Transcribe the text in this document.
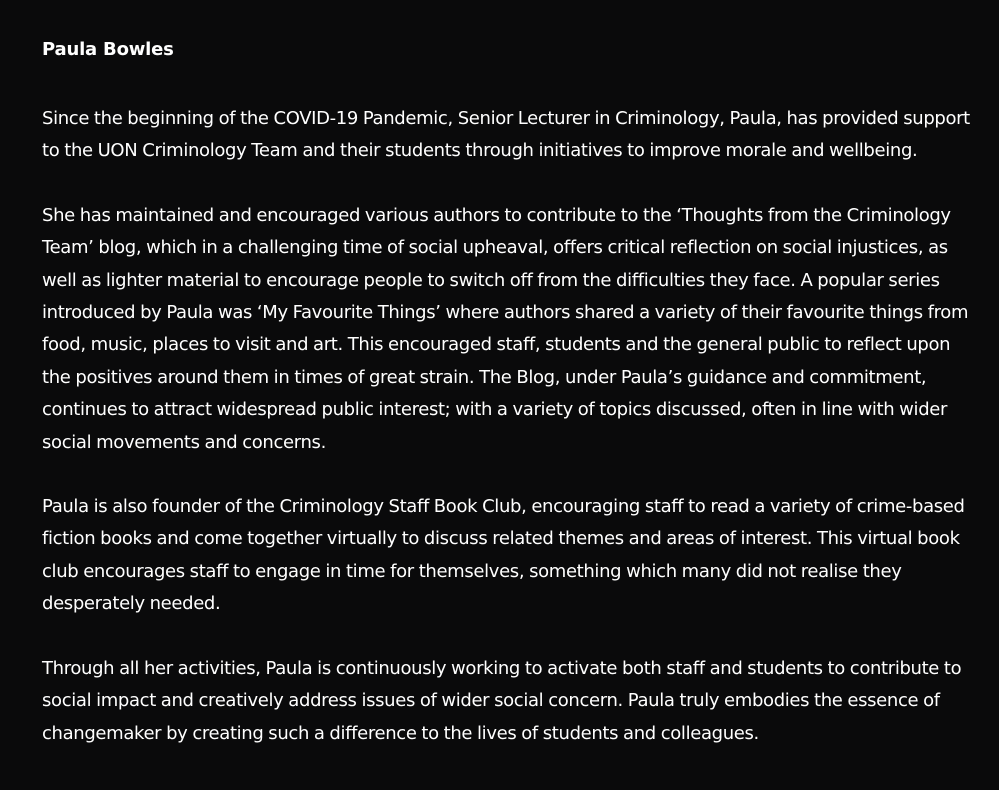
Paula Bowles

Since the beginning of the COVID-19 Pandemic, Senior Lecturer in Criminology, Paula, has provided support to the UON Criminology Team and their students through initiatives to improve morale and wellbeing.

She has maintained and encouraged various authors to contribute to the ‘Thoughts from the Criminology Team’ blog, which in a challenging time of social upheaval, offers critical reflection on social injustices, as well as lighter material to encourage people to switch off from the difficulties they face. A popular series introduced by Paula was ‘My Favourite Things’ where authors shared a variety of their favourite things from food, music, places to visit and art. This encouraged staff, students and the general public to reflect upon the positives around them in times of great strain. The Blog, under Paula’s guidance and commitment, continues to attract widespread public interest; with a variety of topics discussed, often in line with wider social movements and concerns.

Paula is also founder of the Criminology Staff Book Club, encouraging staff to read a variety of crime-based fiction books and come together virtually to discuss related themes and areas of interest. This virtual book club encourages staff to engage in time for themselves, something which many did not realise they desperately needed.

Through all her activities, Paula is continuously working to activate both staff and students to contribute to social impact and creatively address issues of wider social concern. Paula truly embodies the essence of changemaker by creating such a difference to the lives of students and colleagues.
